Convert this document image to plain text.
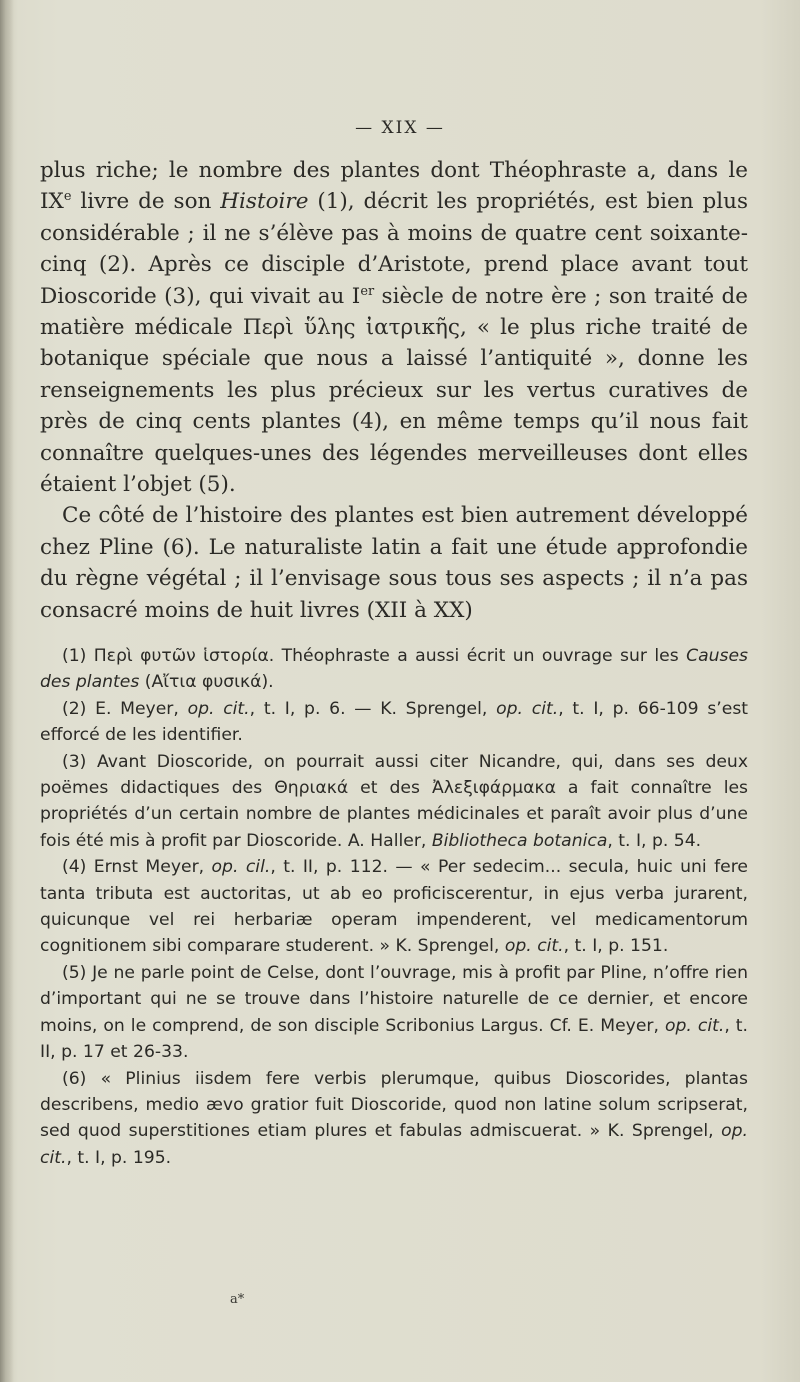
— XIX —

plus riche; le nombre des plantes dont Théophraste a, dans le IXe livre de son Histoire (1), décrit les propriétés, est bien plus considérable ; il ne s’élève pas à moins de quatre cent soixante-cinq (2). Après ce disciple d’Aristote, prend place avant tout Dioscoride (3), qui vivait au Ier siècle de notre ère ; son traité de matière médicale Περὶ ὕλης ἰατρικῆς, « le plus riche traité de botanique spéciale que nous a laissé l’antiquité », donne les renseignements les plus précieux sur les vertus curatives de près de cinq cents plantes (4), en même temps qu’il nous fait connaître quelques-unes des légendes merveilleuses dont elles étaient l’objet (5).

Ce côté de l’histoire des plantes est bien autrement développé chez Pline (6). Le naturaliste latin a fait une étude approfondie du règne végétal ; il l’envisage sous tous ses aspects ; il n’a pas consacré moins de huit livres (XII à XX)

(1) Περὶ φυτῶν ἱστορία. Théophraste a aussi écrit un ouvrage sur les Causes des plantes (Αἴτια φυσικά).

(2) E. Meyer, op. cit., t. I, p. 6. — K. Sprengel, op. cit., t. I, p. 66-109 s’est efforcé de les identifier.

(3) Avant Dioscoride, on pourrait aussi citer Nicandre, qui, dans ses deux poëmes didactiques des Θηριακά et des Ἀλεξιφάρμακα a fait connaître les propriétés d’un certain nombre de plantes médicinales et paraît avoir plus d’une fois été mis à profit par Dioscoride. A. Haller, Bibliotheca botanica, t. I, p. 54.

(4) Ernst Meyer, op. cil., t. II, p. 112. — « Per sedecim... secula, huic uni fere tanta tributa est auctoritas, ut ab eo proficiscerentur, in ejus verba jurarent, quicunque vel rei herbariæ operam impenderent, vel medicamentorum cognitionem sibi comparare studerent. » K. Sprengel, op. cit., t. I, p. 151.

(5) Je ne parle point de Celse, dont l’ouvrage, mis à profit par Pline, n’offre rien d’important qui ne se trouve dans l’histoire naturelle de ce dernier, et encore moins, on le comprend, de son disciple Scribonius Largus. Cf. E. Meyer, op. cit., t. II, p. 17 et 26-33.

(6) « Plinius iisdem fere verbis plerumque, quibus Dioscorides, plantas describens, medio ævo gratior fuit Dioscoride, quod non latine solum scripserat, sed quod superstitiones etiam plures et fabulas admiscuerat. » K. Sprengel, op. cit., t. I, p. 195.

a*
